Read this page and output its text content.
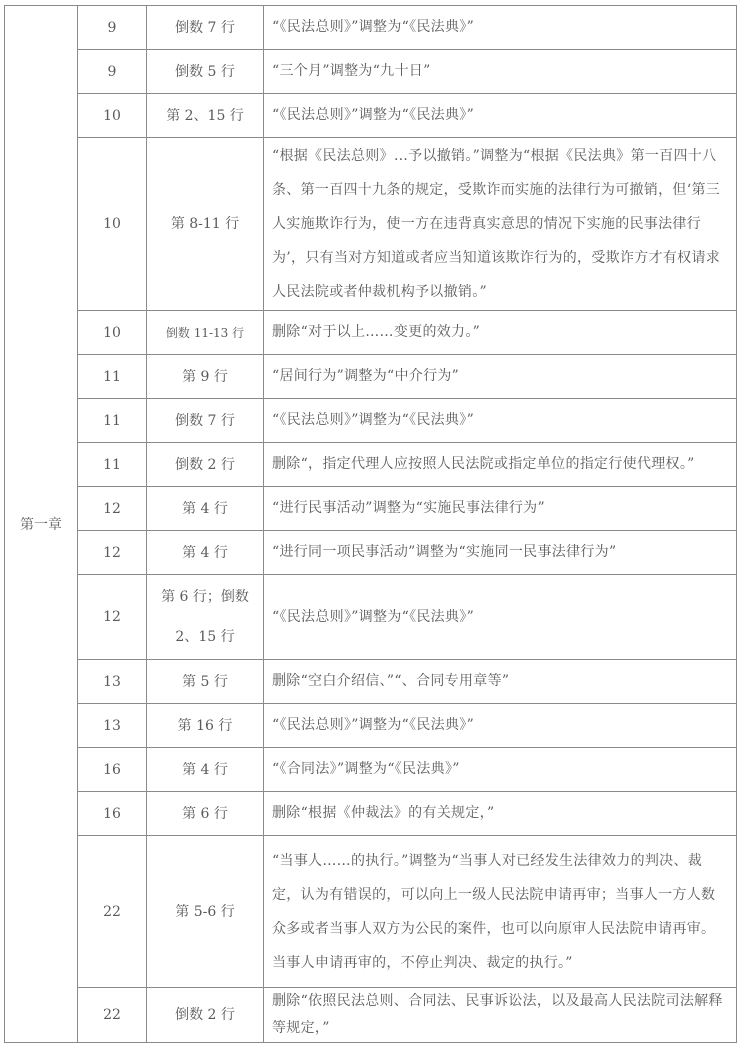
第一章	9	倒数 7 行	“《民法总则》”调整为“《民法典》”
	9	倒数 5 行	“三个月”调整为“九十日”
	10	第 2、15 行	“《民法总则》”调整为“《民法典》”
	10	第 8-11 行	“根据《民法总则》…予以撤销。”调整为“根据《民法典》第一百四十八条、第一百四十九条的规定，受欺诈而实施的法律行为可撤销，但‘第三人实施欺诈行为，使一方在违背真实意思的情况下实施的民事法律行为’，只有当对方知道或者应当知道该欺诈行为的，受欺诈方才有权请求人民法院或者仲裁机构予以撤销。”
	10	倒数 11-13 行	删除“对于以上……变更的效力。”
	11	第 9 行	“居间行为”调整为“中介行为”
	11	倒数 7 行	“《民法总则》”调整为“《民法典》”
	11	倒数 2 行	删除“，指定代理人应按照人民法院或指定单位的指定行使代理权。”
	12	第 4 行	“进行民事活动”调整为“实施民事法律行为”
	12	第 4 行	“进行同一项民事活动”调整为“实施同一民事法律行为”
	12	第 6 行；倒数 2、15 行	“《民法总则》”调整为“《民法典》”
	13	第 5 行	删除“空白介绍信、”“、合同专用章等”
	13	第 16 行	“《民法总则》”调整为“《民法典》”
	16	第 4 行	“《合同法》”调整为“《民法典》”
	16	第 6 行	删除“根据《仲裁法》的有关规定，”
	22	第 5-6 行	“当事人……的执行。”调整为“当事人对已经发生法律效力的判决、裁定，认为有错误的，可以向上一级人民法院申请再审；当事人一方人数众多或者当事人双方为公民的案件，也可以向原审人民法院申请再审。当事人申请再审的，不停止判决、裁定的执行。”
	22	倒数 2 行	删除“依照民法总则、合同法、民事诉讼法，以及最高人民法院司法解释等规定，”
